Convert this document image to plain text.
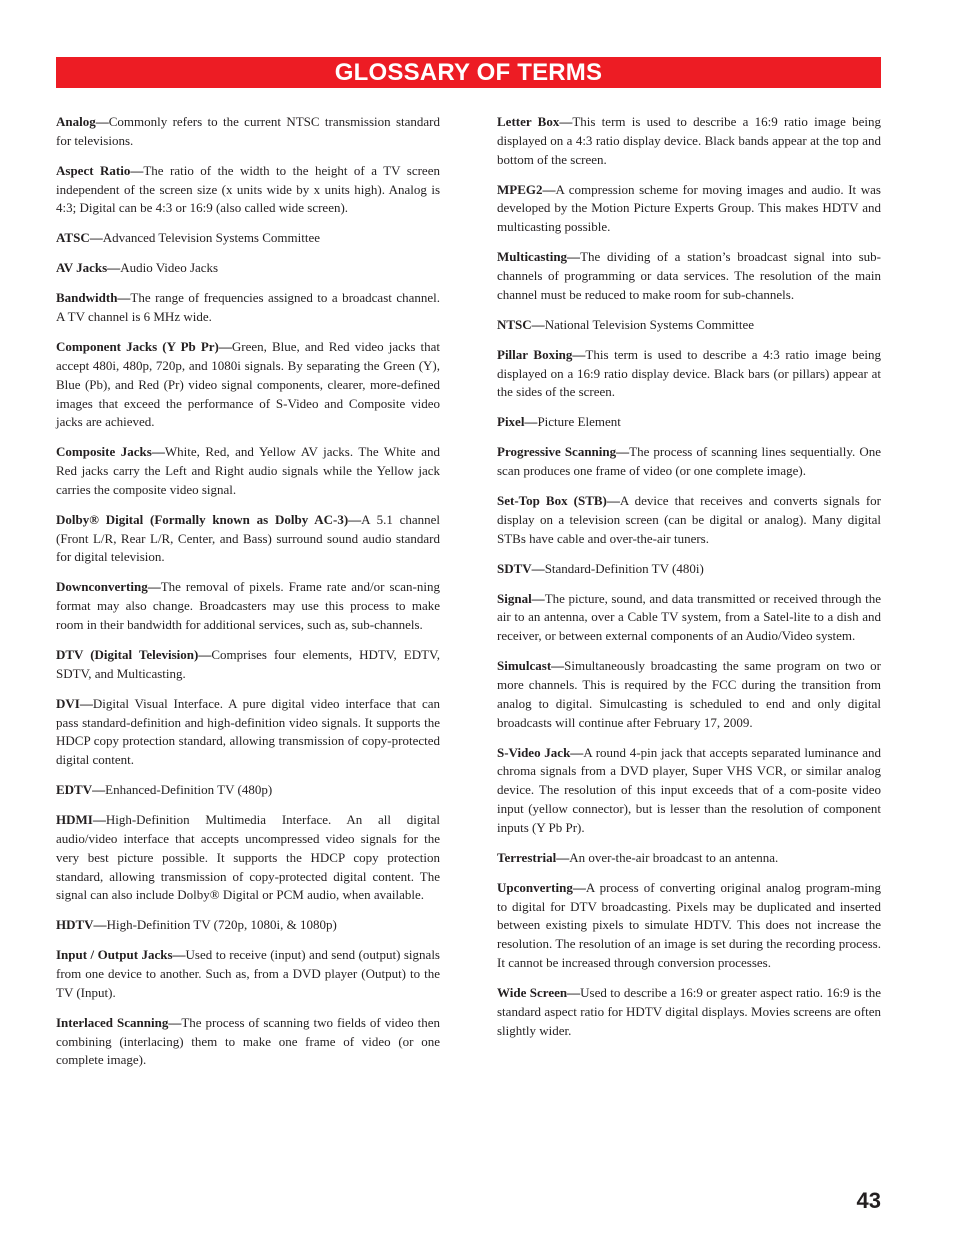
GLOSSARY OF TERMS

Analog—Commonly refers to the current NTSC transmission standard for televisions.

Aspect Ratio—The ratio of the width to the height of a TV screen independent of the screen size (x units wide by x units high). Analog is 4:3; Digital can be 4:3 or 16:9 (also called wide screen).

ATSC—Advanced Television Systems Committee

AV Jacks—Audio Video Jacks

Bandwidth—The range of frequencies assigned to a broadcast channel. A TV channel is 6 MHz wide.

Component Jacks (Y Pb Pr)—Green, Blue, and Red video jacks that accept 480i, 480p, 720p, and 1080i signals. By separating the Green (Y), Blue (Pb), and Red (Pr) video signal components, clearer, more-defined images that exceed the performance of S-Video and Composite video jacks are achieved.

Composite Jacks—White, Red, and Yellow AV jacks. The White and Red jacks carry the Left and Right audio signals while the Yellow jack carries the composite video signal.

Dolby® Digital (Formally known as Dolby AC-3)—A 5.1 channel (Front L/R, Rear L/R, Center, and Bass) surround sound audio standard for digital television.

Downconverting—The removal of pixels. Frame rate and/or scan-ning format may also change. Broadcasters may use this process to make room in their bandwidth for additional services, such as, sub-channels.

DTV (Digital Television)—Comprises four elements, HDTV, EDTV, SDTV, and Multicasting.

DVI—Digital Visual Interface. A pure digital video interface that can pass standard-definition and high-definition video signals. It supports the HDCP copy protection standard, allowing transmission of copy-protected digital content.

EDTV—Enhanced-Definition TV (480p)

HDMI—High-Definition Multimedia Interface. An all digital audio/video interface that accepts uncompressed video signals for the very best picture possible. It supports the HDCP copy protection standard, allowing transmission of copy-protected digital content. The signal can also include Dolby® Digital or PCM audio, when available.

HDTV—High-Definition TV (720p, 1080i, & 1080p)

Input / Output Jacks—Used to receive (input) and send (output) signals from one device to another. Such as, from a DVD player (Output) to the TV (Input).

Interlaced Scanning—The process of scanning two fields of video then combining (interlacing) them to make one frame of video (or one complete image).

Letter Box—This term is used to describe a 16:9 ratio image being displayed on a 4:3 ratio display device. Black bands appear at the top and bottom of the screen.

MPEG2—A compression scheme for moving images and audio. It was developed by the Motion Picture Experts Group. This makes HDTV and multicasting possible.

Multicasting—The dividing of a station’s broadcast signal into sub-channels of programming or data services. The resolution of the main channel must be reduced to make room for sub-channels.

NTSC—National Television Systems Committee

Pillar Boxing—This term is used to describe a 4:3 ratio image being displayed on a 16:9 ratio display device. Black bars (or pillars) appear at the sides of the screen.

Pixel—Picture Element

Progressive Scanning—The process of scanning lines sequentially. One scan produces one frame of video (or one complete image).

Set-Top Box (STB)—A device that receives and converts signals for display on a television screen (can be digital or analog). Many digital STBs have cable and over-the-air tuners.

SDTV—Standard-Definition TV (480i)

Signal—The picture, sound, and data transmitted or received through the air to an antenna, over a Cable TV system, from a Satel-lite to a dish and receiver, or between external components of an Audio/Video system.

Simulcast—Simultaneously broadcasting the same program on two or more channels. This is required by the FCC during the transition from analog to digital. Simulcasting is scheduled to end and only digital broadcasts will continue after February 17, 2009.

S-Video Jack—A round 4-pin jack that accepts separated luminance and chroma signals from a DVD player, Super VHS VCR, or similar analog device. The resolution of this input exceeds that of a com-posite video input (yellow connector), but is lesser than the resolution of component inputs (Y Pb Pr).

Terrestrial—An over-the-air broadcast to an antenna.

Upconverting—A process of converting original analog program-ming to digital for DTV broadcasting. Pixels may be duplicated and inserted between existing pixels to simulate HDTV. This does not increase the resolution. The resolution of an image is set during the recording process. It cannot be increased through conversion processes.

Wide Screen—Used to describe a 16:9 or greater aspect ratio. 16:9 is the standard aspect ratio for HDTV digital displays. Movies screens are often slightly wider.

43
